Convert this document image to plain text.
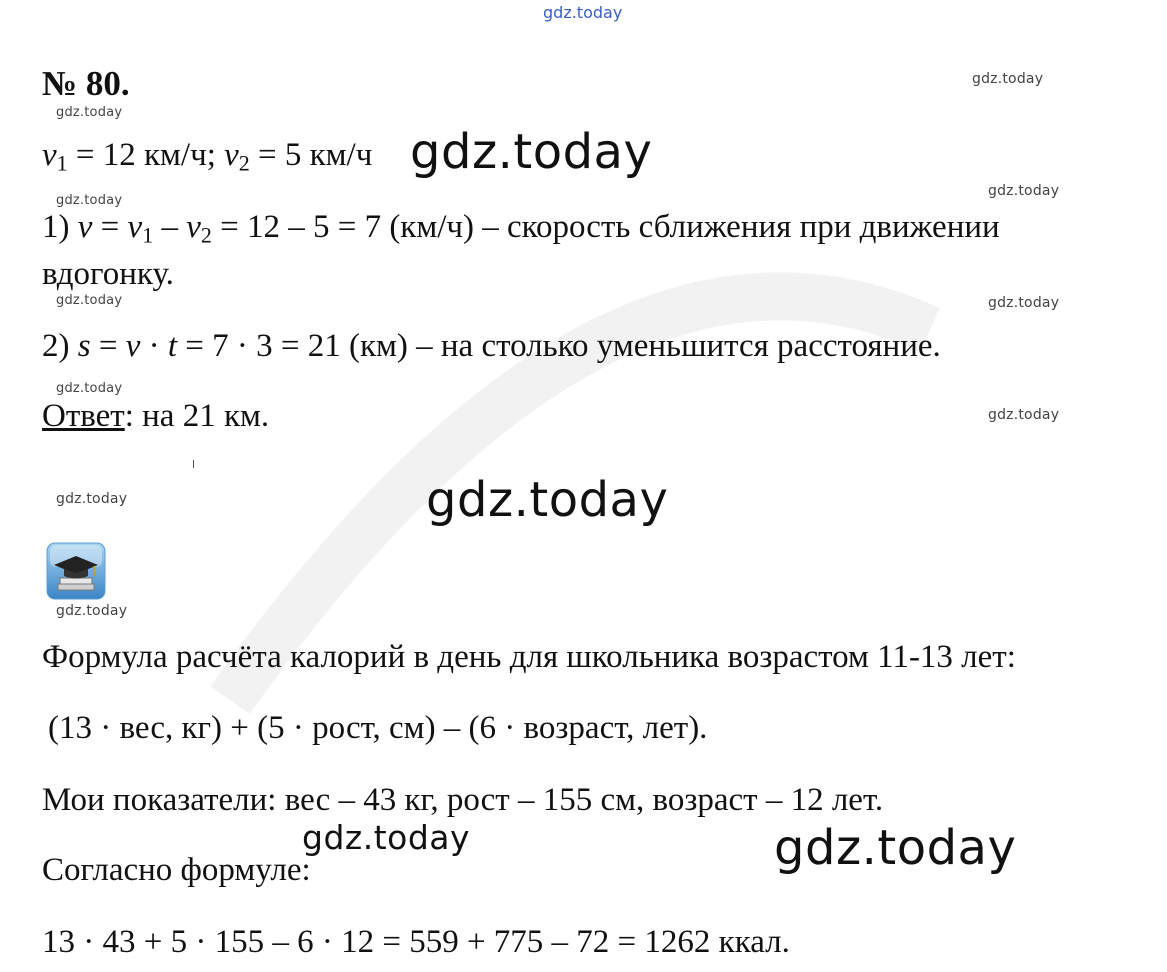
gdz.today
№ 80.
$v_1 = 12$ км/ч; $v_2 = 5$ км/ч
1) $v = v_1 - v_2 = 12 - 5 = 7$ (км/ч) – скорость сближения при движении
вдогонку.
2) s = v · t = 7 · 3 = 21 (км) – на столько уменьшится расстояние.
Ответ: на 21 км.
Формула расчёта калорий в день для школьника возрастом 11-13 лет:
(13 · вес, кг) + (5 · рост, см) – (6 · возраст, лет).
Мои показатели: вес – 43 кг, рост – 155 см, возраст – 12 лет.
Согласно формуле:
13 · 43 + 5 · 155 – 6 · 12 = 559 + 775 – 72 = 1262 ккал.
gdz.today
gdz.today
gdz.today
gdz.today
gdz.today	gdz.today
gdz.today
gdz.today
gdz.today
gdz.today
gdz.today
gdz.today
gdz.today	gdz.today
